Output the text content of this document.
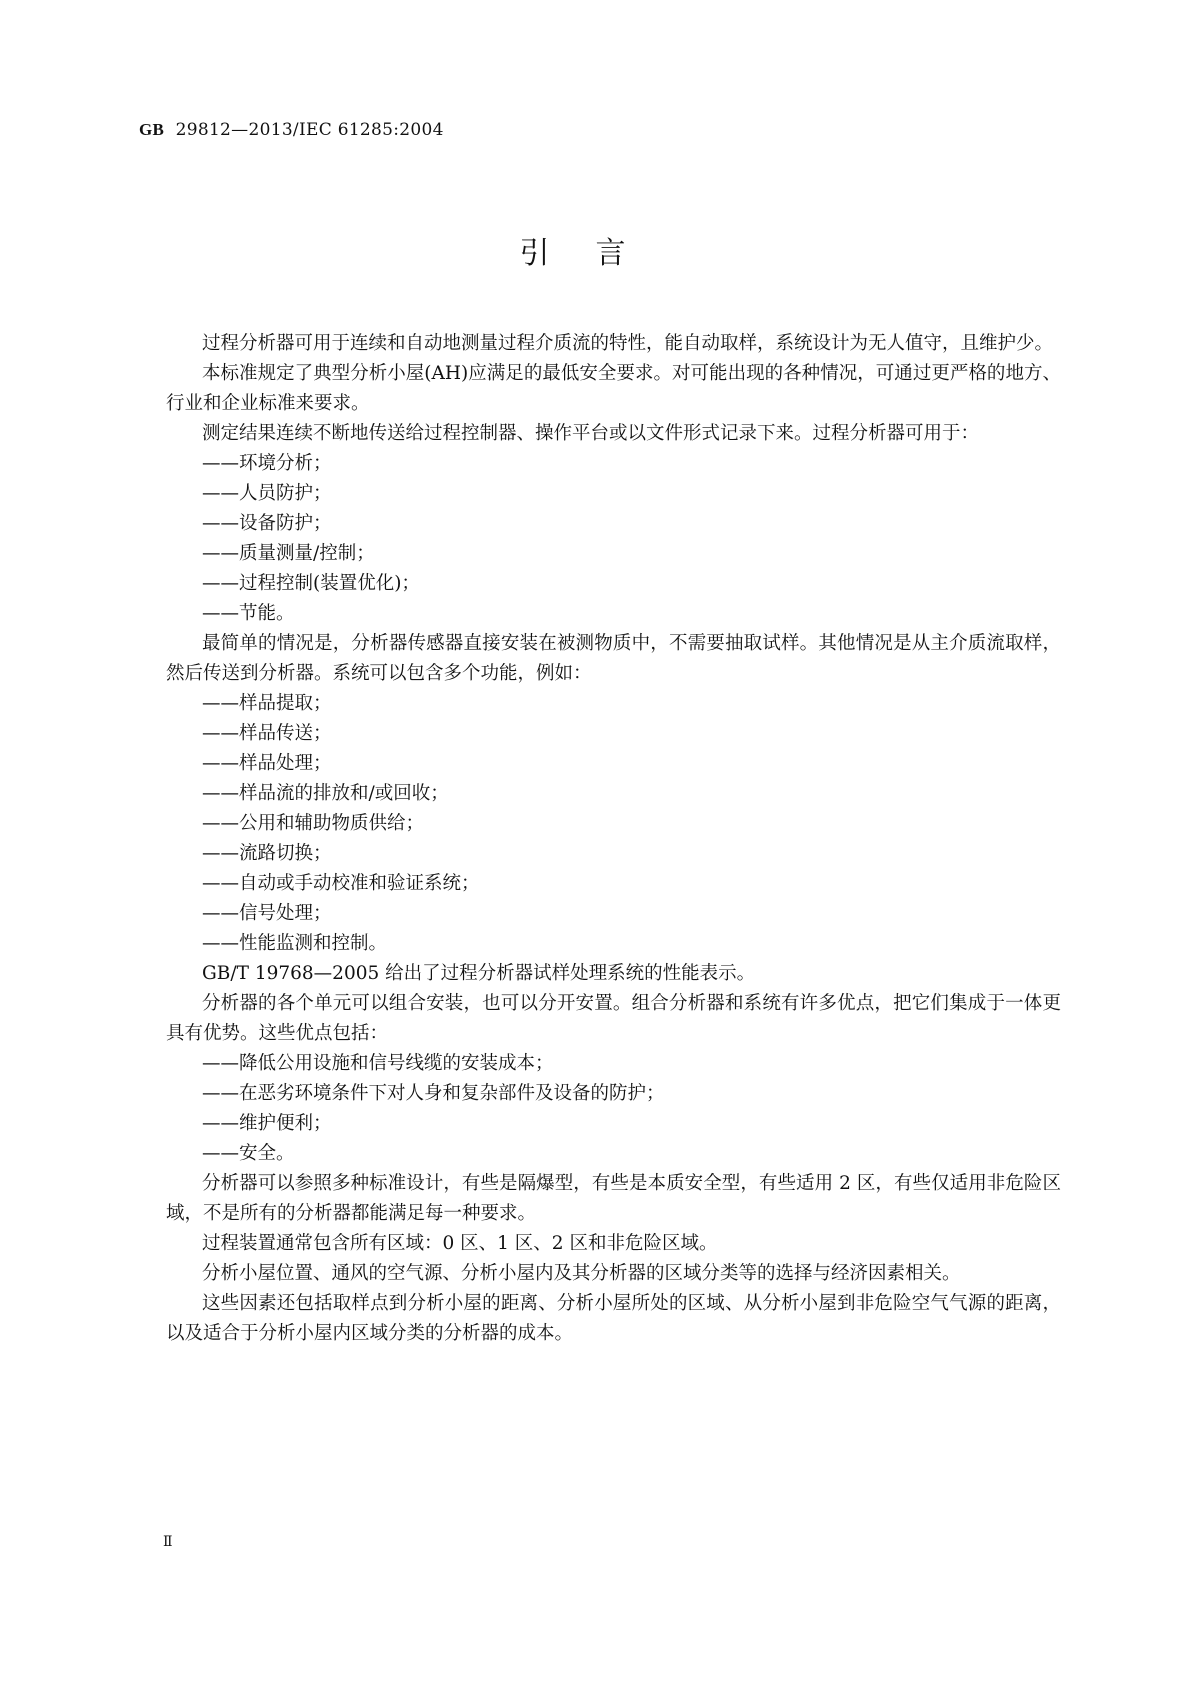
GB 29812—2013/IEC 61285:2004
引言

过程分析器可用于连续和自动地测量过程介质流的特性，能自动取样，系统设计为无人值守，且维护少。

本标准规定了典型分析小屋(AH)应满足的最低安全要求。对可能出现的各种情况，可通过更严格的地方、行业和企业标准来要求。

测定结果连续不断地传送给过程控制器、操作平台或以文件形式记录下来。过程分析器可用于：

——环境分析；

——人员防护；

——设备防护；

——质量测量/控制；

——过程控制(装置优化)；

——节能。

最简单的情况是，分析器传感器直接安装在被测物质中，不需要抽取试样。其他情况是从主介质流取样，然后传送到分析器。系统可以包含多个功能，例如：

——样品提取；

——样品传送；

——样品处理；

——样品流的排放和/或回收；

——公用和辅助物质供给；

——流路切换；

——自动或手动校准和验证系统；

——信号处理；

——性能监测和控制。

GB/T 19768—2005 给出了过程分析器试样处理系统的性能表示。

分析器的各个单元可以组合安装，也可以分开安置。组合分析器和系统有许多优点，把它们集成于一体更具有优势。这些优点包括：

——降低公用设施和信号线缆的安装成本；

——在恶劣环境条件下对人身和复杂部件及设备的防护；

——维护便利；

——安全。

分析器可以参照多种标准设计，有些是隔爆型，有些是本质安全型，有些适用 2 区，有些仅适用非危险区域，不是所有的分析器都能满足每一种要求。

过程装置通常包含所有区域：0 区、1 区、2 区和非危险区域。

分析小屋位置、通风的空气源、分析小屋内及其分析器的区域分类等的选择与经济因素相关。

这些因素还包括取样点到分析小屋的距离、分析小屋所处的区域、从分析小屋到非危险空气气源的距离，以及适合于分析小屋内区域分类的分析器的成本。

Ⅱ
